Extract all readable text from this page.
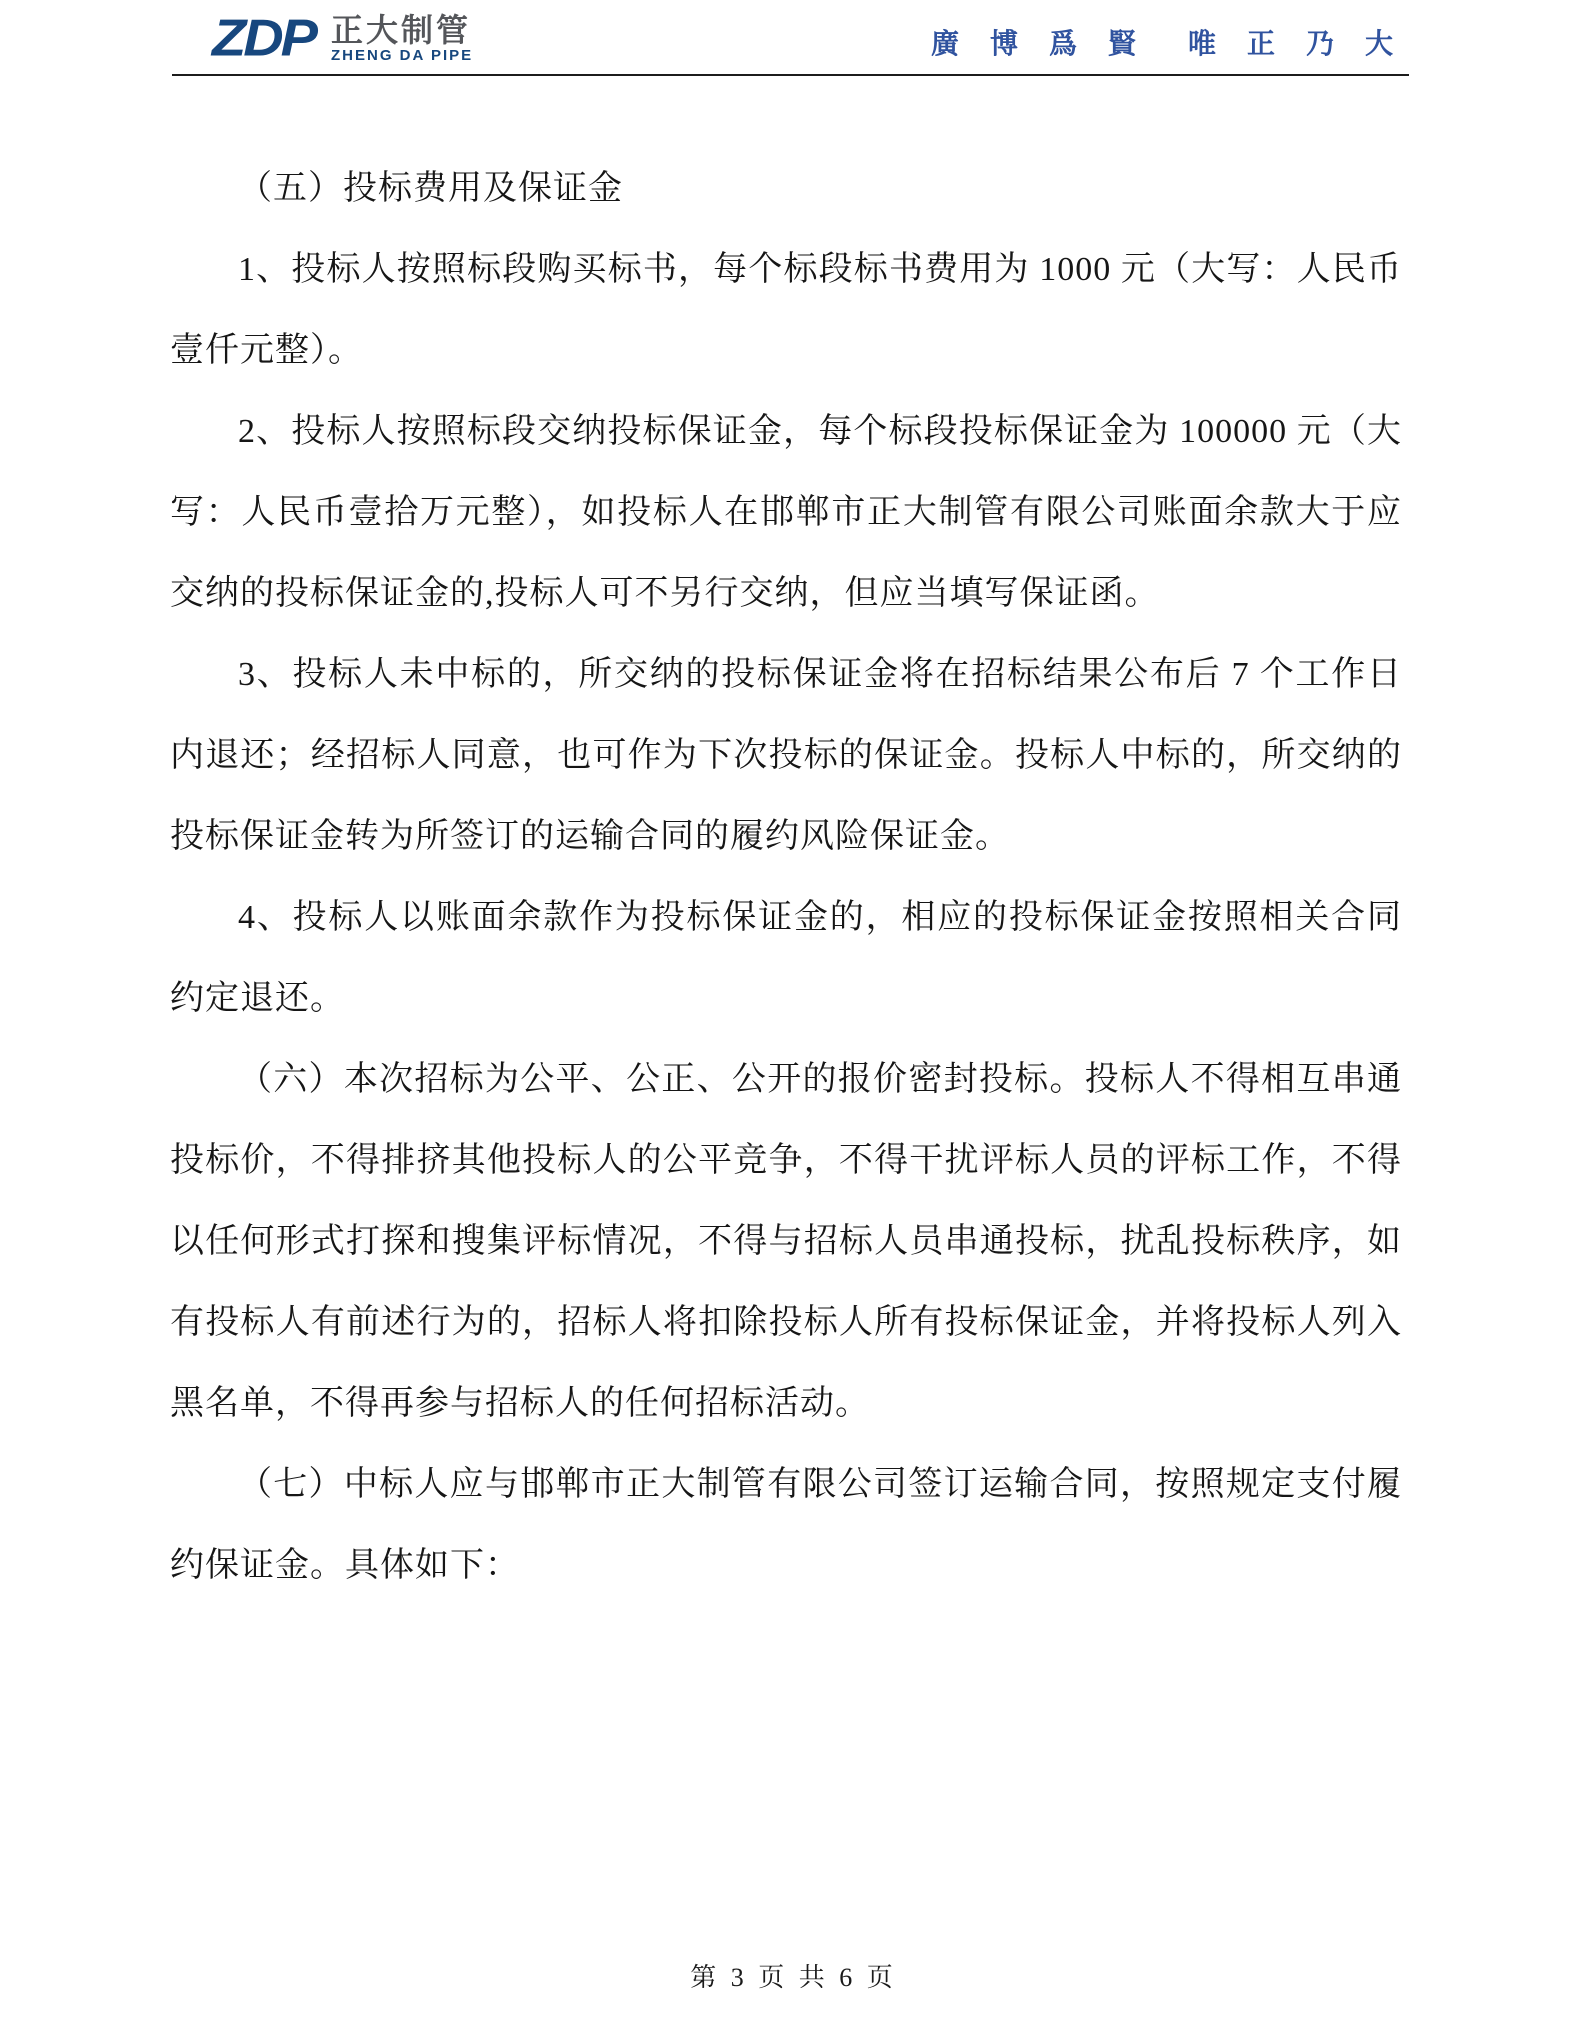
ZDP 正大制管
ZHENG DA PIPE	廣 博 爲 賢　唯 正 乃 大

（五）投标费用及保证金

1、投标人按照标段购买标书，每个标段标书费用为 1000 元（大写：人民币壹仟元整）。

2、投标人按照标段交纳投标保证金，每个标段投标保证金为 100000 元（大写：人民币壹拾万元整），如投标人在邯郸市正大制管有限公司账面余款大于应交纳的投标保证金的,投标人可不另行交纳，但应当填写保证函。

3、投标人未中标的，所交纳的投标保证金将在招标结果公布后 7 个工作日内退还；经招标人同意，也可作为下次投标的保证金。投标人中标的，所交纳的投标保证金转为所签订的运输合同的履约风险保证金。

4、投标人以账面余款作为投标保证金的，相应的投标保证金按照相关合同约定退还。

（六）本次招标为公平、公正、公开的报价密封投标。投标人不得相互串通投标价，不得排挤其他投标人的公平竞争，不得干扰评标人员的评标工作，不得以任何形式打探和搜集评标情况，不得与招标人员串通投标，扰乱投标秩序，如有投标人有前述行为的，招标人将扣除投标人所有投标保证金，并将投标人列入黑名单，不得再参与招标人的任何招标活动。

（七）中标人应与邯郸市正大制管有限公司签订运输合同，按照规定支付履约保证金。具体如下：

第 3 页 共 6 页
